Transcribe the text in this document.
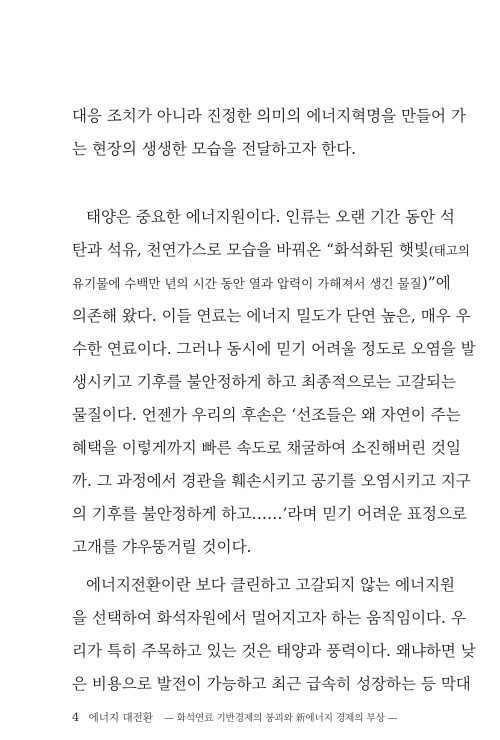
대응 조치가 아니라 진정한 의미의 에너지혁명을 만들어 가
는 현장의 생생한 모습을 전달하고자 한다.
태양은 중요한 에너지원이다. 인류는 오랜 기간 동안 석
탄과 석유, 천연가스로 모습을 바꿔온 “화석화된 햇빛(태고의
유기물에 수백만 년의 시간 동안 열과 압력이 가해져서 생긴 물질)”에
의존해 왔다. 이들 연료는 에너지 밀도가 단연 높은, 매우 우
수한 연료이다. 그러나 동시에 믿기 어려울 정도로 오염을 발
생시키고 기후를 불안정하게 하고 최종적으로는 고갈되는
물질이다. 언젠가 우리의 후손은 ‘선조들은 왜 자연이 주는
혜택을 이렇게까지 빠른 속도로 채굴하여 소진해버린 것일
까. 그 과정에서 경관을 훼손시키고 공기를 오염시키고 지구
의 기후를 불안정하게 하고……’라며 믿기 어려운 표정으로
고개를 갸우뚱거릴 것이다.
에너지전환이란 보다 클린하고 고갈되지 않는 에너지원
을 선택하여 화석자원에서 멀어지고자 하는 움직임이다. 우
리가 특히 주목하고 있는 것은 태양과 풍력이다. 왜냐하면 낮
은 비용으로 발전이 가능하고 최근 급속히 성장하는 등 막대
4 에너지 대전환 — 화석연료 기반경제의 붕괴와 新에너지 경제의 부상 —
